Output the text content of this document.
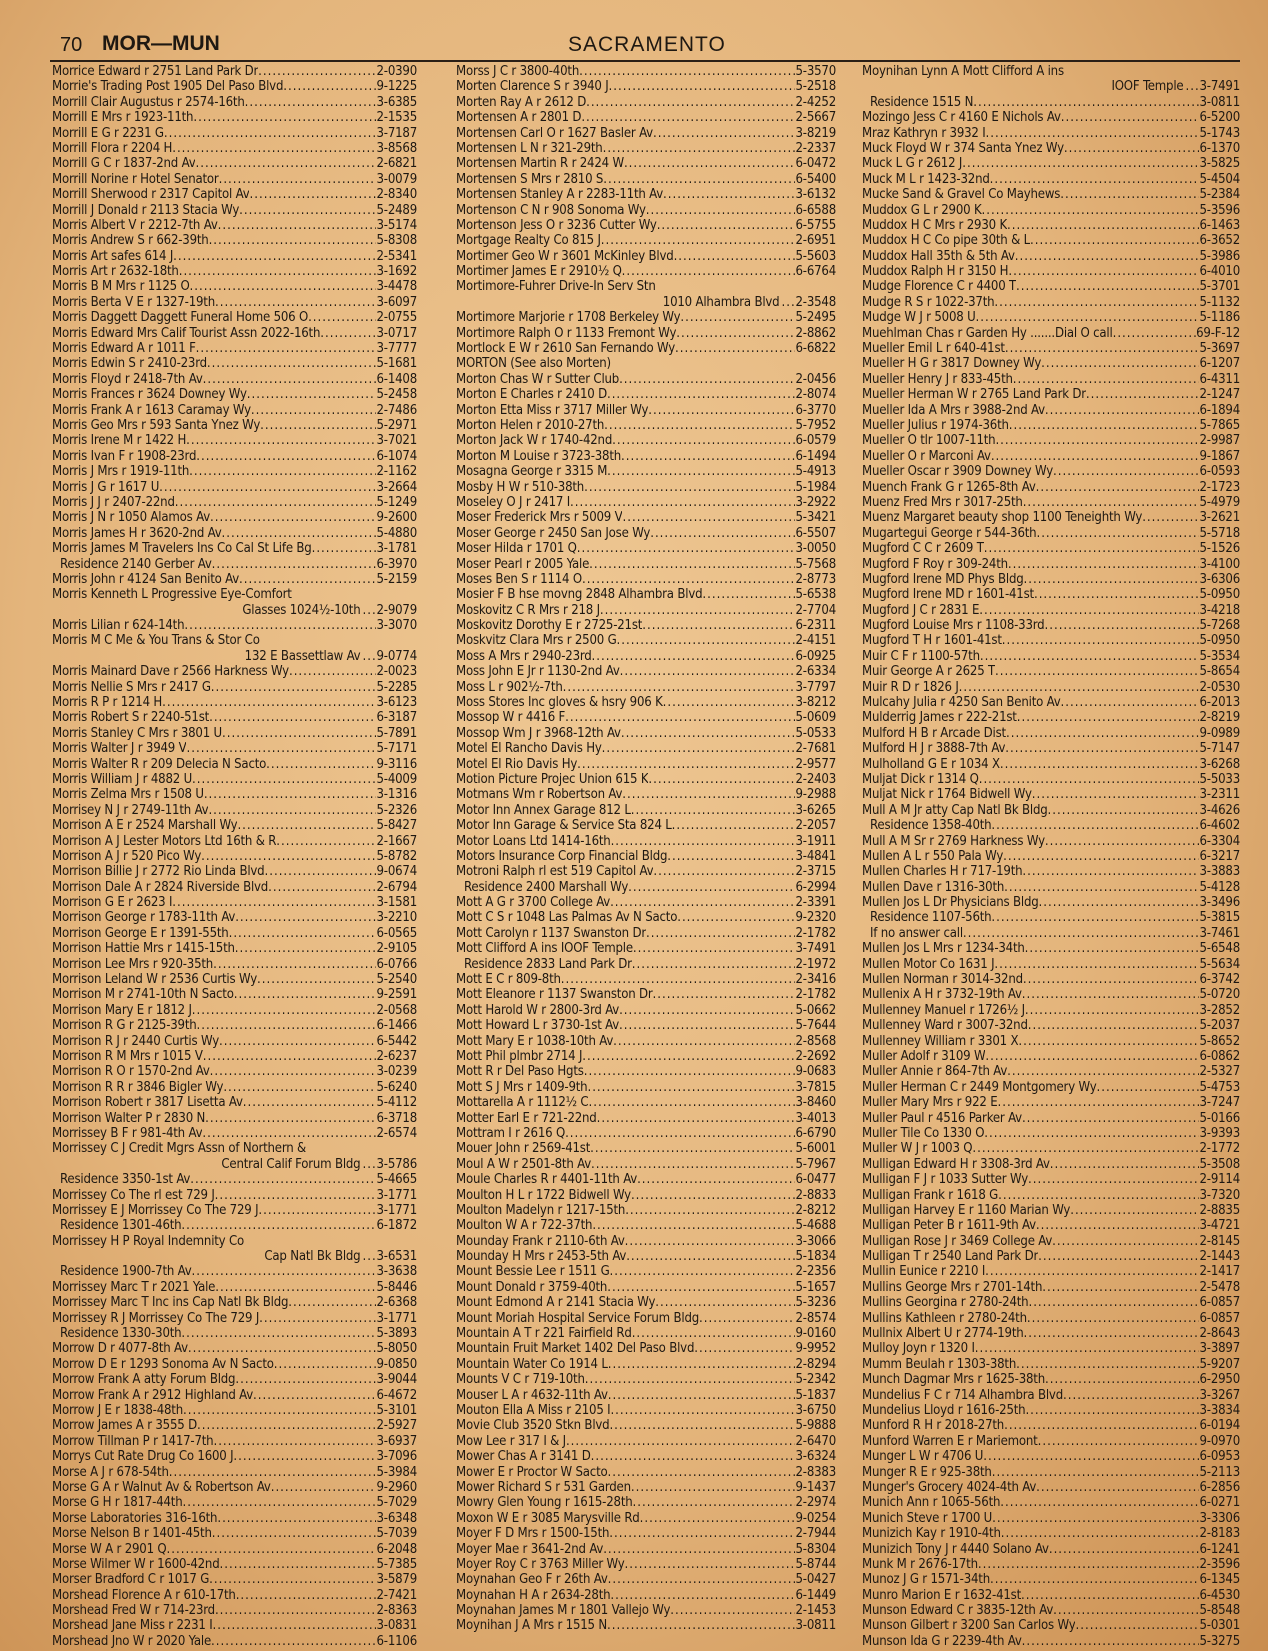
70 MOR—MUN	SACRAMENTO
Morrice Edward r 2751 Land Park Dr .....	2-0390
Morrie's Trading Post 1905 Del Paso Blvd .....	9-1225
Morrill Clair Augustus r 2574-16th .....	3-6385
Morrill E Mrs r 1923-11th .....	2-1535
Morrill E G r 2231 G .....	3-7187
Morrill Flora r 2204 H .....	3-8568
Morrill G C r 1837-2nd Av .....	2-6821
Morrill Norine r Hotel Senator .....	3-0079
Morrill Sherwood r 2317 Capitol Av .....	2-8340
Morrill J Donald r 2113 Stacia Wy .....	5-2489
Morris Albert V r 2212-7th Av .....	3-5174
Morris Andrew S r 662-39th .....	5-8308
Morris Art safes 614 J .....	2-5341
Morris Art r 2632-18th .....	3-1692
Morris B M Mrs r 1125 O .....	3-4478
Morris Berta V E r 1327-19th .....	3-6097
Morris Daggett Daggett Funeral Home 506 O .....	2-0755
Morris Edward Mrs Calif Tourist Assn 2022-16th .....	3-0717
Morris Edward A r 1011 F .....	3-7777
Morris Edwin S r 2410-23rd .....	5-1681
Morris Floyd r 2418-7th Av .....	6-1408
Morris Frances r 3624 Downey Wy .....	5-2458
Morris Frank A r 1613 Caramay Wy .....	2-7486
Morris Geo Mrs r 593 Santa Ynez Wy .....	5-2971
Morris Irene M r 1422 H .....	3-7021
Morris Ivan F r 1908-23rd .....	6-1074
Morris J Mrs r 1919-11th .....	2-1162
Morris J G r 1617 U .....	3-2664
Morris J J r 2407-22nd .....	5-1249
Morris J N r 1050 Alamos Av .....	9-2600
Morris James H r 3620-2nd Av .....	5-4880
Morris James M Travelers Ins Co Cal St Life Bg .....	3-1781
Residence 2140 Gerber Av .....	6-3970
Morris John r 4124 San Benito Av .....	5-2159
Morris Kenneth L Progressive Eye-Comfort
Glasses 1024½-10th ..... 2-9079
Morris Lilian r 624-14th .....	3-3070
Morris M C Me & You Trans & Stor Co
132 E Bassettlaw Av ..... 9-0774
Morris Mainard Dave r 2566 Harkness Wy .....	2-0023
Morris Nellie S Mrs r 2417 G .....	5-2285
Morris R P r 1214 H .....	3-6123
Morris Robert S r 2240-51st .....	6-3187
Morris Stanley C Mrs r 3801 U .....	5-7891
Morris Walter J r 3949 V .....	5-7171
Morris Walter R r 209 Delecia N Sacto .....	9-3116
Morris William J r 4882 U .....	5-4009
Morris Zelma Mrs r 1508 U .....	3-1316
Morrisey N J r 2749-11th Av .....	5-2326
Morrison A E r 2524 Marshall Wy .....	5-8427
Morrison A J Lester Motors Ltd 16th & R .....	2-1667
Morrison A J r 520 Pico Wy .....	5-8782
Morrison Billie J r 2772 Rio Linda Blvd .....	9-0674
Morrison Dale A r 2824 Riverside Blvd .....	2-6794
Morrison G E r 2623 I .....	3-1581
Morrison George r 1783-11th Av .....	3-2210
Morrison George E r 1391-55th .....	6-0565
Morrison Hattie Mrs r 1415-15th .....	2-9105
Morrison Lee Mrs r 920-35th .....	6-0766
Morrison Leland W r 2536 Curtis Wy .....	5-2540
Morrison M r 2741-10th N Sacto .....	9-2591
Morrison Mary E r 1812 J .....	2-0568
Morrison R G r 2125-39th .....	6-1466
Morrison R J r 2440 Curtis Wy .....	6-5442
Morrison R M Mrs r 1015 V .....	2-6237
Morrison R O r 1570-2nd Av .....	3-0239
Morrison R R r 3846 Bigler Wy .....	5-6240
Morrison Robert r 3817 Lisetta Av .....	5-4112
Morrison Walter P r 2830 N .....	6-3718
Morrissey B F r 981-4th Av .....	2-6574
Morrissey C J Credit Mgrs Assn of Northern &
Central Calif Forum Bldg ..... 3-5786
Residence 3350-1st Av .....	5-4665
Morrissey Co The rl est 729 J .....	3-1771
Morrissey E J Morrissey Co The 729 J .....	3-1771
Residence 1301-46th .....	6-1872
Morrissey H P Royal Indemnity Co
Cap Natl Bk Bldg ..... 3-6531
Residence 1900-7th Av .....	3-3638
Morrissey Marc T r 2021 Yale .....	5-8446
Morrissey Marc T Inc ins Cap Natl Bk Bldg .....	2-6368
Morrissey R J Morrissey Co The 729 J .....	3-1771
Residence 1330-30th .....	5-3893
Morrow D r 4077-8th Av .....	5-8050
Morrow D E r 1293 Sonoma Av N Sacto .....	9-0850
Morrow Frank A atty Forum Bldg .....	3-9044
Morrow Frank A r 2912 Highland Av .....	6-4672
Morrow J E r 1838-48th .....	5-3101
Morrow James A r 3555 D .....	2-5927
Morrow Tillman P r 1417-7th .....	3-6937
Morrys Cut Rate Drug Co 1600 J .....	3-7096
Morse A J r 678-54th .....	5-3984
Morse G A r Walnut Av & Robertson Av .....	9-2960
Morse G H r 1817-44th .....	5-7029
Morse Laboratories 316-16th .....	3-6348
Morse Nelson B r 1401-45th .....	5-7039
Morse W A r 2901 Q .....	6-2048
Morse Wilmer W r 1600-42nd .....	5-7385
Morser Bradford C r 1017 G .....	3-5879
Morshead Florence A r 610-17th .....	2-7421
Morshead Fred W r 714-23rd .....	2-8363
Morshead Jane Miss r 2231 I .....	3-0831
Morshead Jno W r 2020 Yale .....	6-1106
Morss J C r 3800-40th .....	5-3570
Morten Clarence S r 3940 J .....	5-2518
Morten Ray A r 2612 D .....	2-4252
Mortensen A r 2801 D .....	2-5667
Mortensen Carl O r 1627 Basler Av .....	3-8219
Mortensen L N r 321-29th .....	2-2337
Mortensen Martin R r 2424 W .....	6-0472
Mortensen S Mrs r 2810 S .....	6-5400
Mortensen Stanley A r 2283-11th Av .....	3-6132
Mortenson C N r 908 Sonoma Wy .....	6-6588
Mortenson Jess O r 3236 Cutter Wy .....	6-5755
Mortgage Realty Co 815 J .....	2-6951
Mortimer Geo W r 3601 McKinley Blvd .....	5-5603
Mortimer James E r 2910½ Q .....	6-6764
Mortimore-Fuhrer Drive-In Serv Stn
1010 Alhambra Blvd ..... 2-3548
Mortimore Marjorie r 1708 Berkeley Wy .....	5-2495
Mortimore Ralph O r 1133 Fremont Wy .....	2-8862
Mortlock E W r 2610 San Fernando Wy .....	6-6822
MORTON (See also Morten)
Morton Chas W r Sutter Club .....	2-0456
Morton E Charles r 2410 D .....	2-8074
Morton Etta Miss r 3717 Miller Wy .....	6-3770
Morton Helen r 2010-27th .....	5-7952
Morton Jack W r 1740-42nd .....	6-0579
Morton M Louise r 3723-38th .....	6-1494
Mosagna George r 3315 M .....	5-4913
Mosby H W r 510-38th .....	5-1984
Moseley O J r 2417 I .....	3-2922
Moser Frederick Mrs r 5009 V .....	5-3421
Moser George r 2450 San Jose Wy .....	6-5507
Moser Hilda r 1701 Q .....	3-0050
Moser Pearl r 2005 Yale .....	5-7568
Moses Ben S r 1114 O .....	2-8773
Mosier F B hse movng 2848 Alhambra Blvd .....	5-6538
Moskovitz C R Mrs r 218 J .....	2-7704
Moskovitz Dorothy E r 2725-21st .....	6-2311
Moskvitz Clara Mrs r 2500 G .....	2-4151
Moss A Mrs r 2940-23rd .....	6-0925
Moss John E Jr r 1130-2nd Av .....	2-6334
Moss L r 902½-7th .....	3-7797
Moss Stores Inc gloves & hsry 906 K .....	3-8212
Mossop W r 4416 F .....	5-0609
Mossop Wm J r 3968-12th Av .....	5-0533
Motel El Rancho Davis Hy .....	2-7681
Motel El Rio Davis Hy .....	2-9577
Motion Picture Projec Union 615 K .....	2-2403
Motmans Wm r Robertson Av .....	9-2988
Motor Inn Annex Garage 812 L .....	3-6265
Motor Inn Garage & Service Sta 824 L .....	2-2057
Motor Loans Ltd 1414-16th .....	3-1911
Motors Insurance Corp Financial Bldg .....	3-4841
Motroni Ralph rl est 519 Capitol Av .....	2-3715
Residence 2400 Marshall Wy .....	6-2994
Mott A G r 3700 College Av .....	2-3391
Mott C S r 1048 Las Palmas Av N Sacto .....	9-2320
Mott Carolyn r 1137 Swanston Dr .....	2-1782
Mott Clifford A ins IOOF Temple .....	3-7491
Residence 2833 Land Park Dr .....	2-1972
Mott E C r 809-8th .....	2-3416
Mott Eleanore r 1137 Swanston Dr .....	2-1782
Mott Harold W r 2800-3rd Av .....	5-0662
Mott Howard L r 3730-1st Av .....	5-7644
Mott Mary E r 1038-10th Av .....	2-8568
Mott Phil plmbr 2714 J .....	2-2692
Mott R r Del Paso Hgts .....	9-0683
Mott S J Mrs r 1409-9th .....	3-7815
Mottarella A r 1112½ C .....	3-8460
Motter Earl E r 721-22nd .....	3-4013
Mottram I r 2616 Q .....	6-6790
Mouer John r 2569-41st .....	5-6001
Moul A W r 2501-8th Av .....	5-7967
Moule Charles R r 4401-11th Av .....	6-0477
Moulton H L r 1722 Bidwell Wy .....	2-8833
Moulton Madelyn r 1217-15th .....	2-8212
Moulton W A r 722-37th .....	5-4688
Mounday Frank r 2110-6th Av .....	3-3066
Mounday H Mrs r 2453-5th Av .....	5-1834
Mount Bessie Lee r 1511 G .....	2-2356
Mount Donald r 3759-40th .....	5-1657
Mount Edmond A r 2141 Stacia Wy .....	5-3236
Mount Moriah Hospital Service Forum Bldg .....	2-8574
Mountain A T r 221 Fairfield Rd .....	9-0160
Mountain Fruit Market 1402 Del Paso Blvd .....	9-9952
Mountain Water Co 1914 L .....	2-8294
Mounts V C r 719-10th .....	5-2342
Mouser L A r 4632-11th Av .....	5-1837
Mouton Ella A Miss r 2105 I .....	3-6750
Movie Club 3520 Stkn Blvd .....	5-9888
Mow Lee r 317 I & J .....	2-6470
Mower Chas A r 3141 D .....	3-6324
Mower E r Proctor W Sacto .....	2-8383
Mower Richard S r 531 Garden .....	9-1437
Mowry Glen Young r 1615-28th .....	2-2974
Moxon W E r 3085 Marysville Rd .....	9-0254
Moyer F D Mrs r 1500-15th .....	2-7944
Moyer Mae r 3641-2nd Av .....	5-8304
Moyer Roy C r 3763 Miller Wy .....	5-8744
Moynahan Geo F r 26th Av .....	5-0427
Moynahan H A r 2634-28th .....	6-1449
Moynahan James M r 1801 Vallejo Wy .....	2-1453
Moynihan J A Mrs r 1515 N .....	3-0811
Moynihan Lynn A Mott Clifford A ins
IOOF Temple ..... 3-7491
Residence 1515 N .....	3-0811
Mozingo Jess C r 4160 E Nichols Av .....	6-5200
Mraz Kathryn r 3932 I .....	5-1743
Muck Floyd W r 374 Santa Ynez Wy .....	6-1370
Muck L G r 2612 J .....	3-5825
Muck M L r 1423-32nd .....	5-4504
Mucke Sand & Gravel Co Mayhews .....	5-2384
Muddox G L r 2900 K .....	5-3596
Muddox H C Mrs r 2930 K .....	6-1463
Muddox H C Co pipe 30th & L .....	6-3652
Muddox Hall 35th & 5th Av .....	5-3986
Muddox Ralph H r 3150 H .....	6-4010
Mudge Florence C r 4400 T .....	5-3701
Mudge R S r 1022-37th .....	5-1132
Mudge W J r 5008 U .....	5-1186
Muehlman Chas r Garden Hy .......Dial O call .....	69-F-12
Mueller Emil L r 640-41st .....	5-3697
Mueller H G r 3817 Downey Wy .....	6-1207
Mueller Henry J r 833-45th .....	6-4311
Mueller Herman W r 2765 Land Park Dr .....	2-1247
Mueller Ida A Mrs r 3988-2nd Av .....	6-1894
Mueller Julius r 1974-36th .....	5-7865
Mueller O tlr 1007-11th .....	2-9987
Mueller O r Marconi Av .....	9-1867
Mueller Oscar r 3909 Downey Wy .....	6-0593
Muench Frank G r 1265-8th Av .....	2-1723
Muenz Fred Mrs r 3017-25th .....	5-4979
Muenz Margaret beauty shop 1100 Teneighth Wy .....	3-2621
Mugartegui George r 544-36th .....	5-5718
Mugford C C r 2609 T .....	5-1526
Mugford F Roy r 309-24th .....	3-4100
Mugford Irene MD Phys Bldg .....	3-6306
Mugford Irene MD r 1601-41st .....	5-0950
Mugford J C r 2831 E .....	3-4218
Mugford Louise Mrs r 1108-33rd .....	5-7268
Mugford T H r 1601-41st .....	5-0950
Muir C F r 1100-57th .....	5-3534
Muir George A r 2625 T .....	5-8654
Muir R D r 1826 J .....	2-0530
Mulcahy Julia r 4250 San Benito Av .....	6-2013
Mulderrig James r 222-21st .....	2-8219
Mulford H B r Arcade Dist .....	9-0989
Mulford H J r 3888-7th Av .....	5-7147
Mulholland G E r 1034 X .....	3-6268
Muljat Dick r 1314 Q .....	5-5033
Muljat Nick r 1764 Bidwell Wy .....	3-2311
Mull A M Jr atty Cap Natl Bk Bldg .....	3-4626
Residence 1358-40th .....	6-4602
Mull A M Sr r 2769 Harkness Wy .....	6-3304
Mullen A L r 550 Pala Wy .....	6-3217
Mullen Charles H r 717-19th .....	3-3883
Mullen Dave r 1316-30th .....	5-4128
Mullen Jos L Dr Physicians Bldg .....	3-3496
Residence 1107-56th .....	5-3815
If no answer call .....	3-7461
Mullen Jos L Mrs r 1234-34th .....	5-6548
Mullen Motor Co 1631 J .....	5-5634
Mullen Norman r 3014-32nd .....	6-3742
Mullenix A H r 3732-19th Av .....	5-0720
Mullenney Manuel r 1726½ J .....	3-2852
Mullenney Ward r 3007-32nd .....	5-2037
Mullenney William r 3301 X .....	5-8652
Muller Adolf r 3109 W .....	6-0862
Muller Annie r 864-7th Av .....	2-5327
Muller Herman C r 2449 Montgomery Wy .....	5-4753
Muller Mary Mrs r 922 E .....	3-7247
Muller Paul r 4516 Parker Av .....	5-0166
Muller Tile Co 1330 O .....	3-9393
Muller W J r 1003 Q .....	2-1772
Mulligan Edward H r 3308-3rd Av .....	5-3508
Mulligan F J r 1033 Sutter Wy .....	2-9114
Mulligan Frank r 1618 G .....	3-7320
Mulligan Harvey E r 1160 Marian Wy .....	2-8835
Mulligan Peter B r 1611-9th Av .....	3-4721
Mulligan Rose J r 3469 College Av .....	2-8145
Mulligan T r 2540 Land Park Dr .....	2-1443
Mullin Eunice r 2210 I .....	2-1417
Mullins George Mrs r 2701-14th .....	2-5478
Mullins Georgina r 2780-24th .....	6-0857
Mullins Kathleen r 2780-24th .....	6-0857
Mullnix Albert U r 2774-19th .....	2-8643
Mulloy Joyn r 1320 I .....	3-3897
Mumm Beulah r 1303-38th .....	5-9207
Munch Dagmar Mrs r 1625-38th .....	6-2950
Mundelius F C r 714 Alhambra Blvd .....	3-3267
Mundelius Lloyd r 1616-25th .....	3-3834
Munford R H r 2018-27th .....	6-0194
Munford Warren E r Mariemont .....	9-0970
Munger L W r 4706 U .....	6-0953
Munger R E r 925-38th .....	5-2113
Munger's Grocery 4024-4th Av .....	6-2856
Munich Ann r 1065-56th .....	6-0271
Munich Steve r 1700 U .....	3-3306
Munizich Kay r 1910-4th .....	2-8183
Munizich Tony J r 4440 Solano Av .....	6-1241
Munk M r 2676-17th .....	2-3596
Munoz J G r 1571-34th .....	6-1345
Munro Marion E r 1632-41st .....	6-4530
Munson Edward C r 3835-12th Av .....	5-8548
Munson Gilbert r 3200 San Carlos Wy .....	5-0301
Munson Ida G r 2239-4th Av .....	5-3275
